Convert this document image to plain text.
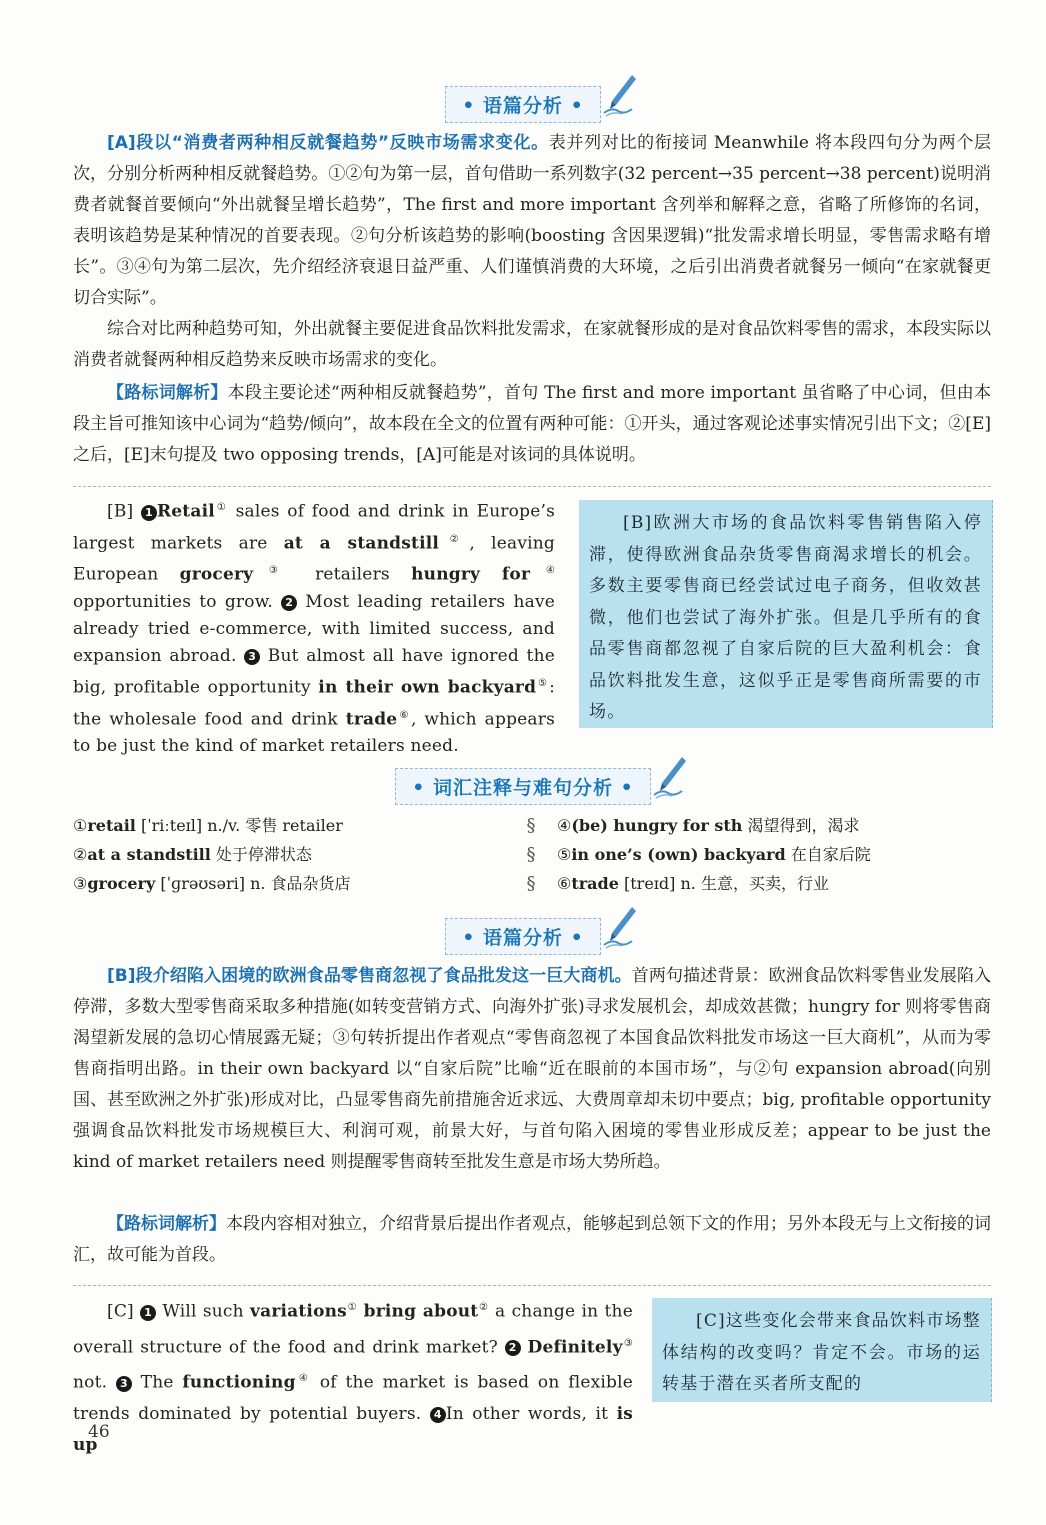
• 语篇分析 •

[A]段以“消费者两种相反就餐趋势”反映市场需求变化。表并列对比的衔接词 Meanwhile 将本段四句分为两个层次，分别分析两种相反就餐趋势。①②句为第一层，首句借助一系列数字(32 percent→35 percent→38 percent)说明消费者就餐首要倾向“外出就餐呈增长趋势”，The first and more important 含列举和解释之意，省略了所修饰的名词，表明该趋势是某种情况的首要表现。②句分析该趋势的影响(boosting 含因果逻辑)“批发需求增长明显，零售需求略有增长”。③④句为第二层次，先介绍经济衰退日益严重、人们谨慎消费的大环境，之后引出消费者就餐另一倾向“在家就餐更切合实际”。

综合对比两种趋势可知，外出就餐主要促进食品饮料批发需求，在家就餐形成的是对食品饮料零售的需求，本段实际以消费者就餐两种相反趋势来反映市场需求的变化。

【路标词解析】本段主要论述“两种相反就餐趋势”，首句 The first and more important 虽省略了中心词，但由本段主旨可推知该中心词为“趋势/倾向”，故本段在全文的位置有两种可能：①开头，通过客观论述事实情况引出下文；②[E]之后，[E]末句提及 two opposing trends，[A]可能是对该词的具体说明。

[B] 1 Retail① sales of food and drink in Europe’s largest markets are at a standstill②, leaving European grocery③ retailers hungry for④ opportunities to grow. 2 Most leading retailers have already tried e-commerce, with limited success, and expansion abroad. 3 But almost all have ignored the big, profitable opportunity in their own backyard⑤: the wholesale food and drink trade⑥, which appears to be just the kind of market retailers need.

[B]欧洲大市场的食品饮料零售销售陷入停滞，使得欧洲食品杂货零售商渴求增长的机会。多数主要零售商已经尝试过电子商务，但收效甚微，他们也尝试了海外扩张。但是几乎所有的食品零售商都忽视了自家后院的巨大盈利机会：食品饮料批发生意，这似乎正是零售商所需要的市场。

• 词汇注释与难句分析 •
①retail [ˈriːteɪl] n./v. 零售 retailer
②at a standstill 处于停滞状态
③grocery [ˈɡrəʊsəri] n. 食品杂货店
§
§
§
④(be) hungry for sth 渴望得到，渴求
⑤in one’s (own) backyard 在自家后院
⑥trade [treɪd] n. 生意，买卖，行业
• 语篇分析 •

[B]段介绍陷入困境的欧洲食品零售商忽视了食品批发这一巨大商机。首两句描述背景：欧洲食品饮料零售业发展陷入停滞，多数大型零售商采取多种措施(如转变营销方式、向海外扩张)寻求发展机会，却成效甚微；hungry for 则将零售商渴望新发展的急切心情展露无疑；③句转折提出作者观点“零售商忽视了本国食品饮料批发市场这一巨大商机”，从而为零售商指明出路。in their own backyard 以“自家后院”比喻“近在眼前的本国市场”，与②句 expansion abroad(向别国、甚至欧洲之外扩张)形成对比，凸显零售商先前措施舍近求远、大费周章却未切中要点；big, profitable opportunity 强调食品饮料批发市场规模巨大、利润可观，前景大好，与首句陷入困境的零售业形成反差；appear to be just the kind of market retailers need 则提醒零售商转至批发生意是市场大势所趋。

【路标词解析】本段内容相对独立，介绍背景后提出作者观点，能够起到总领下文的作用；另外本段无与上文衔接的词汇，故可能为首段。

[C] 1 Will such variations① bring about② a change in the overall structure of the food and drink market? 2 Definitely③ not. 3 The functioning④ of the market is based on flexible trends dominated by potential buyers. 4 In other words, it is up

[C]这些变化会带来食品饮料市场整体结构的改变吗？肯定不会。市场的运转基于潜在买者所支配的

46
